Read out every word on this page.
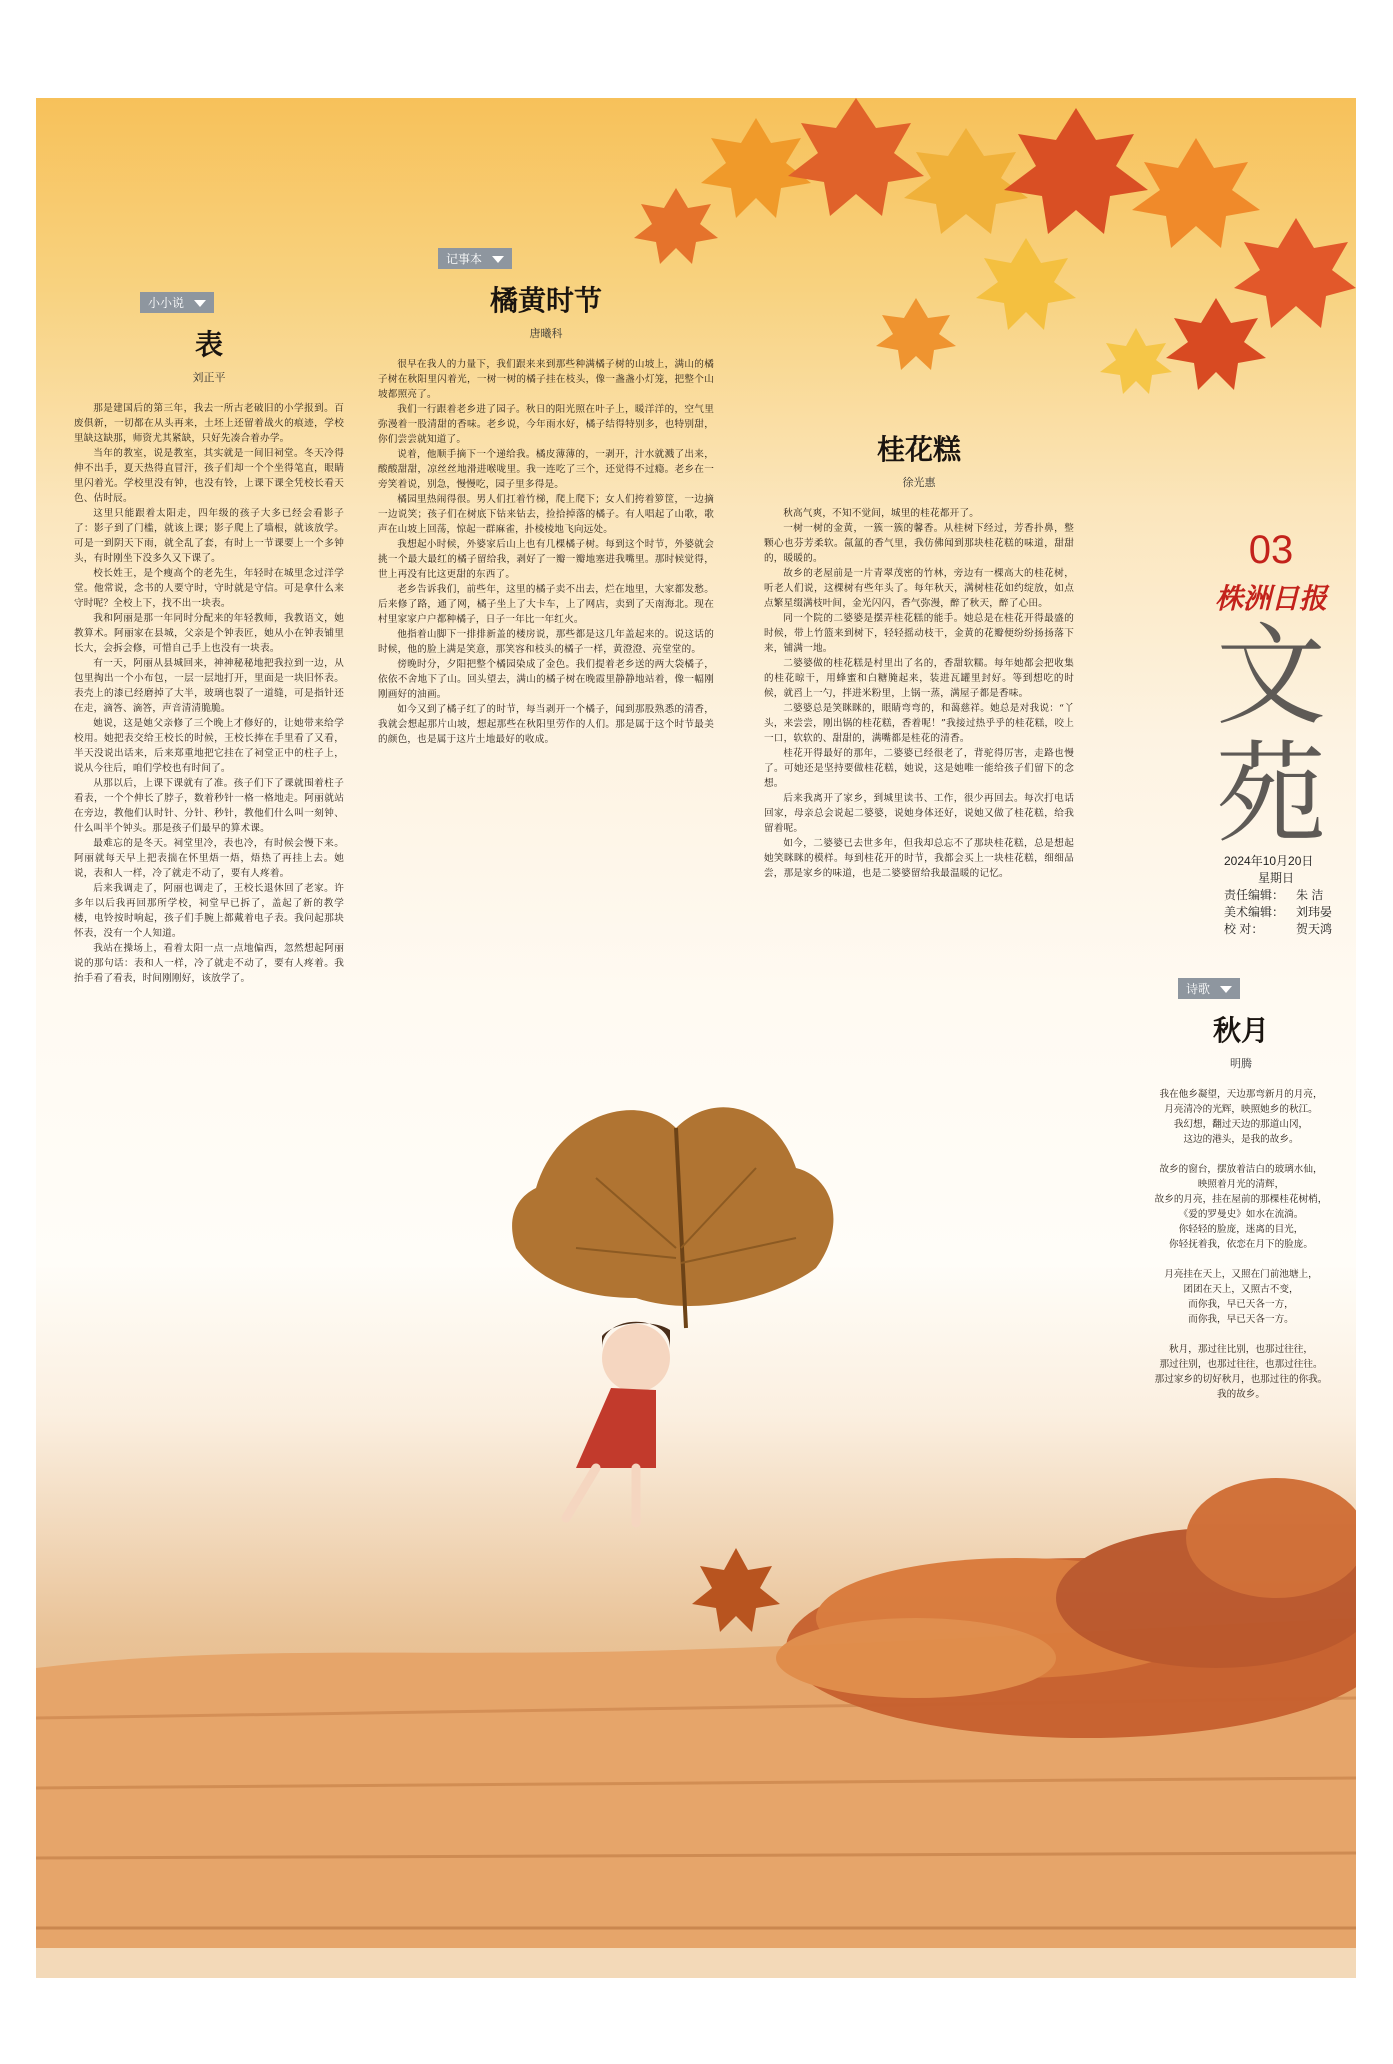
小小说
表
刘正平

那是建国后的第三年，我去一所古老破旧的小学报到。百废俱新，一切都在从头再来，土坯上还留着战火的痕迹，学校里缺这缺那，师资尤其紧缺，只好先凑合着办学。

当年的教室，说是教室，其实就是一间旧祠堂。冬天冷得伸不出手，夏天热得直冒汗，孩子们却一个个坐得笔直，眼睛里闪着光。学校里没有钟，也没有铃，上课下课全凭校长看天色、估时辰。

这里只能跟着太阳走，四年级的孩子大多已经会看影子了：影子到了门槛，就该上课；影子爬上了墙根，就该放学。可是一到阴天下雨，就全乱了套，有时上一节课要上一个多钟头，有时刚坐下没多久又下课了。

校长姓王，是个瘦高个的老先生，年轻时在城里念过洋学堂。他常说，念书的人要守时，守时就是守信。可是拿什么来守时呢？全校上下，找不出一块表。

我和阿丽是那一年同时分配来的年轻教师，我教语文，她教算术。阿丽家在县城，父亲是个钟表匠，她从小在钟表铺里长大，会拆会修，可惜自己手上也没有一块表。

有一天，阿丽从县城回来，神神秘秘地把我拉到一边，从包里掏出一个小布包，一层一层地打开，里面是一块旧怀表。表壳上的漆已经磨掉了大半，玻璃也裂了一道缝，可是指针还在走，滴答、滴答，声音清清脆脆。

她说，这是她父亲修了三个晚上才修好的，让她带来给学校用。她把表交给王校长的时候，王校长捧在手里看了又看，半天没说出话来，后来郑重地把它挂在了祠堂正中的柱子上，说从今往后，咱们学校也有时间了。

从那以后，上课下课就有了准。孩子们下了课就围着柱子看表，一个个伸长了脖子，数着秒针一格一格地走。阿丽就站在旁边，教他们认时针、分针、秒针，教他们什么叫一刻钟、什么叫半个钟头。那是孩子们最早的算术课。

最难忘的是冬天。祠堂里冷，表也冷，有时候会慢下来。阿丽就每天早上把表揣在怀里焐一焐，焐热了再挂上去。她说，表和人一样，冷了就走不动了，要有人疼着。

后来我调走了，阿丽也调走了，王校长退休回了老家。许多年以后我再回那所学校，祠堂早已拆了，盖起了新的教学楼，电铃按时响起，孩子们手腕上都戴着电子表。我问起那块怀表，没有一个人知道。

我站在操场上，看着太阳一点一点地偏西，忽然想起阿丽说的那句话：表和人一样，冷了就走不动了，要有人疼着。我抬手看了看表，时间刚刚好，该放学了。

记事本
橘黄时节
唐曦科

很早在我人的力量下，我们跟来来到那些种满橘子树的山坡上，满山的橘子树在秋阳里闪着光，一树一树的橘子挂在枝头，像一盏盏小灯笼，把整个山坡都照亮了。

我们一行跟着老乡进了园子。秋日的阳光照在叶子上，暖洋洋的，空气里弥漫着一股清甜的香味。老乡说，今年雨水好，橘子结得特别多，也特别甜，你们尝尝就知道了。

说着，他顺手摘下一个递给我。橘皮薄薄的，一剥开，汁水就溅了出来，酸酸甜甜，凉丝丝地滑进喉咙里。我一连吃了三个，还觉得不过瘾。老乡在一旁笑着说，别急，慢慢吃，园子里多得是。

橘园里热闹得很。男人们扛着竹梯，爬上爬下；女人们挎着箩筐，一边摘一边说笑；孩子们在树底下钻来钻去，捡拾掉落的橘子。有人唱起了山歌，歌声在山坡上回荡，惊起一群麻雀，扑棱棱地飞向远处。

我想起小时候，外婆家后山上也有几棵橘子树。每到这个时节，外婆就会挑一个最大最红的橘子留给我，剥好了一瓣一瓣地塞进我嘴里。那时候觉得，世上再没有比这更甜的东西了。

老乡告诉我们，前些年，这里的橘子卖不出去，烂在地里，大家都发愁。后来修了路，通了网，橘子坐上了大卡车，上了网店，卖到了天南海北。现在村里家家户户都种橘子，日子一年比一年红火。

他指着山脚下一排排新盖的楼房说，那些都是这几年盖起来的。说这话的时候，他的脸上满是笑意，那笑容和枝头的橘子一样，黄澄澄、亮堂堂的。

傍晚时分，夕阳把整个橘园染成了金色。我们提着老乡送的两大袋橘子，依依不舍地下了山。回头望去，满山的橘子树在晚霞里静静地站着，像一幅刚刚画好的油画。

如今又到了橘子红了的时节，每当剥开一个橘子，闻到那股熟悉的清香，我就会想起那片山坡，想起那些在秋阳里劳作的人们。那是属于这个时节最美的颜色，也是属于这片土地最好的收成。

桂花糕
徐光惠

秋高气爽，不知不觉间，城里的桂花都开了。

一树一树的金黄，一簇一簇的馨香。从桂树下经过，芳香扑鼻，整颗心也芬芳柔软。氤氲的香气里，我仿佛闻到那块桂花糕的味道，甜甜的，暖暖的。

故乡的老屋前是一片青翠茂密的竹林，旁边有一棵高大的桂花树，听老人们说，这棵树有些年头了。每年秋天，满树桂花如约绽放，如点点繁星缀满枝叶间，金光闪闪，香气弥漫，醉了秋天，醉了心田。

同一个院的二婆婆是摆弄桂花糕的能手。她总是在桂花开得最盛的时候，带上竹篮来到树下，轻轻摇动枝干，金黄的花瓣便纷纷扬扬落下来，铺满一地。

二婆婆做的桂花糕是村里出了名的，香甜软糯。每年她都会把收集的桂花晾干，用蜂蜜和白糖腌起来，装进瓦罐里封好。等到想吃的时候，就舀上一勺，拌进米粉里，上锅一蒸，满屋子都是香味。

二婆婆总是笑眯眯的，眼睛弯弯的，和蔼慈祥。她总是对我说：“丫头，来尝尝，刚出锅的桂花糕，香着呢！”我接过热乎乎的桂花糕，咬上一口，软软的、甜甜的，满嘴都是桂花的清香。

桂花开得最好的那年，二婆婆已经很老了，背驼得厉害，走路也慢了。可她还是坚持要做桂花糕，她说，这是她唯一能给孩子们留下的念想。

后来我离开了家乡，到城里读书、工作，很少再回去。每次打电话回家，母亲总会说起二婆婆，说她身体还好，说她又做了桂花糕，给我留着呢。

如今，二婆婆已去世多年，但我却总忘不了那块桂花糕，总是想起她笑眯眯的模样。每到桂花开的时节，我都会买上一块桂花糕，细细品尝，那是家乡的味道，也是二婆婆留给我最温暖的记忆。

03
株洲日报
文
苑
2024年10月20日
星期日
责任编辑： 朱 洁
美术编辑： 刘玮晏
校 对：	贺天鸿
诗歌
秋月
明腾

我在他乡凝望，天边那弯新月的月亮，

月亮清冷的光辉，映照她乡的秋江。

我幻想，翻过天边的那道山冈，

这边的港头，是我的故乡。

故乡的窗台，摆放着洁白的玻璃水仙，

映照着月光的清辉，

故乡的月亮，挂在屋前的那棵桂花树梢，

《爱的罗曼史》如水在流淌。

你轻轻的脸庞，迷离的目光，

你轻抚着我，依恋在月下的脸庞。

月亮挂在天上，又照在门前池塘上，

团团在天上，又照古不变，

而你我，早已天各一方，

而你我，早已天各一方。

秋月，那过往比别，也那过往往，

那过往别，也那过往往，也那过往往。

那过家乡的切好秋月，也那过往的你我。

我的故乡。
